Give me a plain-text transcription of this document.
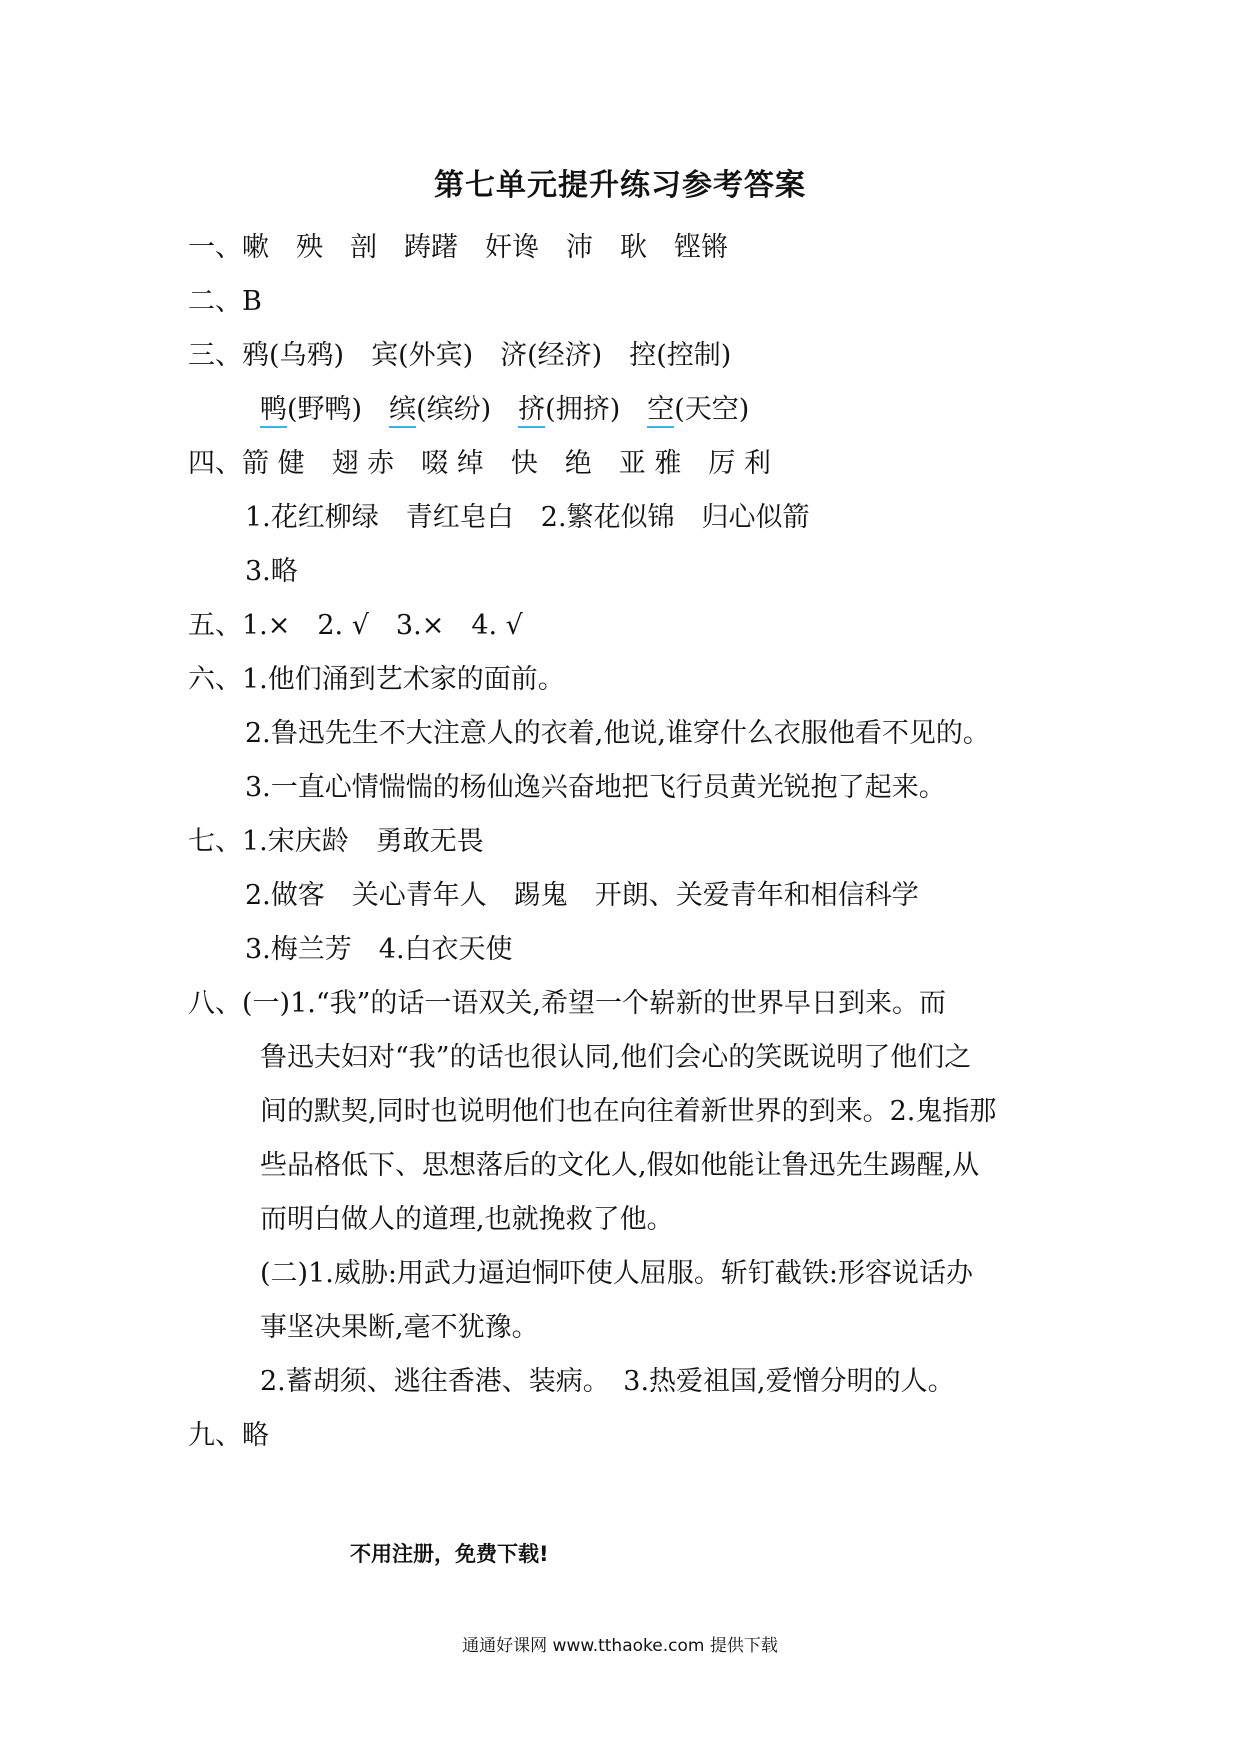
第七单元提升练习参考答案
一、嗽　殃　剖　踌躇　奸谗　沛　耿　铿锵
二、B
三、鸦(乌鸦)　宾(外宾)　济(经济)　控(控制)
鸭(野鸭)　 缤(缤纷)　 挤(拥挤)　 空(天空)
四、箭 健　翅 赤　啜 绰　快　绝　亚 雅　厉 利
1.花红柳绿　青红皂白　2.繁花似锦　归心似箭
3.略
五、1.×　2. √　3.×　4. √
六、1.他们涌到艺术家的面前。
2.鲁迅先生不大注意人的衣着,他说,谁穿什么衣服他看不见的。
3.一直心情惴惴的杨仙逸兴奋地把飞行员黄光锐抱了起来。
七、1.宋庆龄　勇敢无畏
2.做客　关心青年人　踢鬼　开朗、关爱青年和相信科学
3.梅兰芳　4.白衣天使
八、(一)1.“我”的话一语双关,希望一个崭新的世界早日到来。而
鲁迅夫妇对“我”的话也很认同,他们会心的笑既说明了他们之
间的默契,同时也说明他们也在向往着新世界的到来。2.鬼指那
些品格低下、思想落后的文化人,假如他能让鲁迅先生踢醒,从
而明白做人的道理,也就挽救了他。
(二)1.威胁:用武力逼迫恫吓使人屈服。斩钉截铁:形容说话办
事坚决果断,毫不犹豫。
2.蓄胡须、逃往香港、装病。　3.热爱祖国,爱憎分明的人。
九、略
不用注册，免费下载!
通通好课网 www.tthaoke.com 提供下载
